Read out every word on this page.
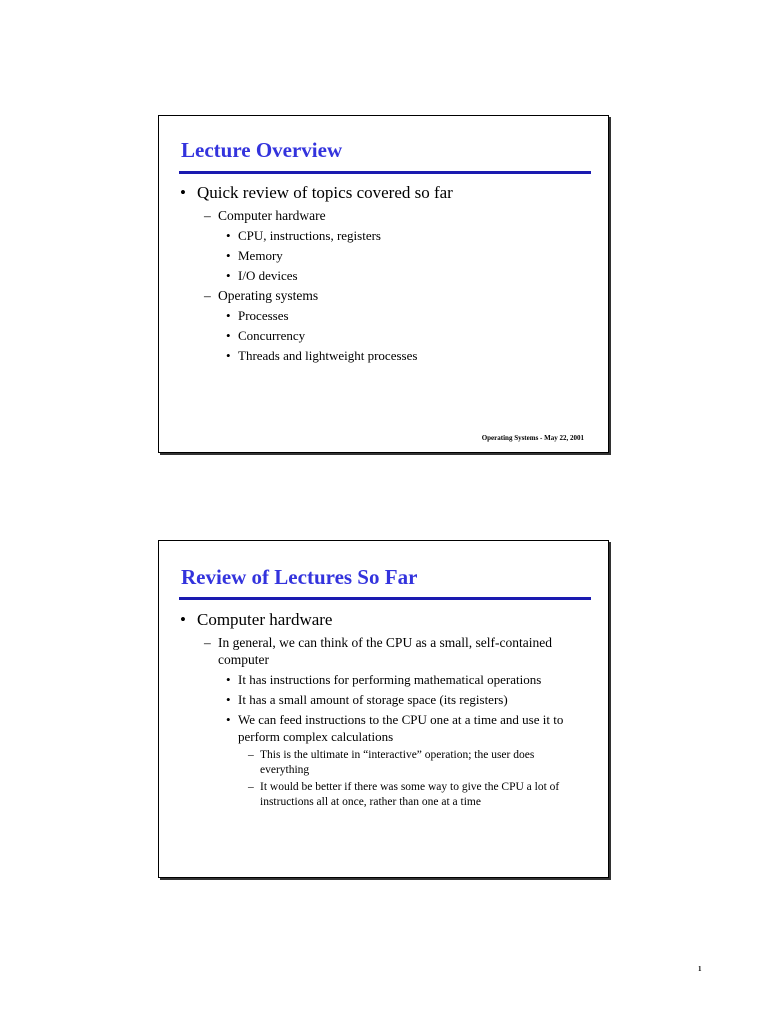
Lecture Overview

• Quick review of topics covered so far

– Computer hardware

• CPU, instructions, registers

• Memory

• I/O devices

– Operating systems

• Processes

• Concurrency

• Threads and lightweight processes

Operating Systems - May 22, 2001
Review of Lectures So Far

• Computer hardware

– In general, we can think of the CPU as a small, self-contained computer

• It has instructions for performing mathematical operations

• It has a small amount of storage space (its registers)

• We can feed instructions to the CPU one at a time and use it to perform complex calculations

– This is the ultimate in “interactive” operation; the user does everything

– It would be better if there was some way to give the CPU a lot of instructions all at once, rather than one at a time

1
